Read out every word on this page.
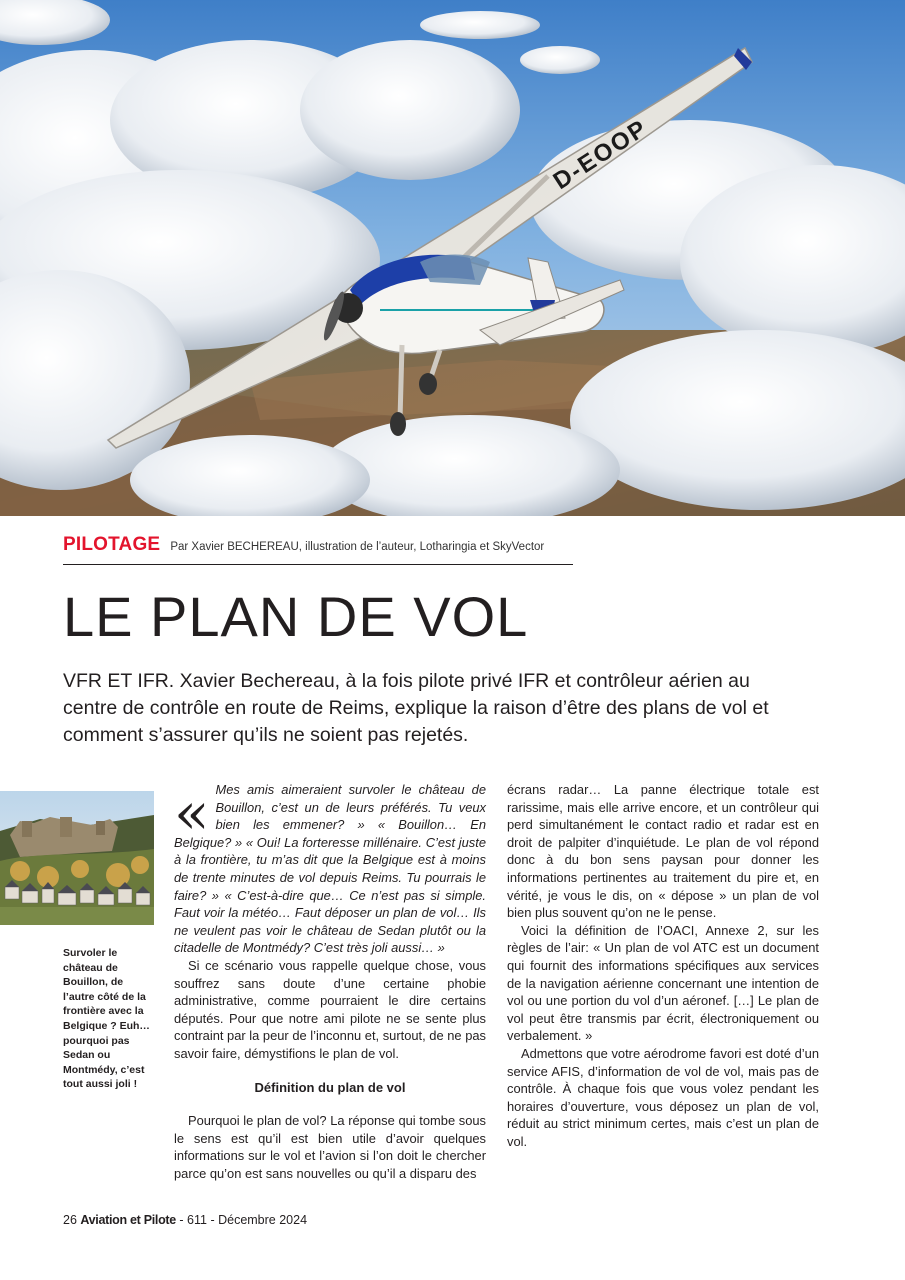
D-EOOP
PILOTAGE Par Xavier BECHEREAU, illustration de l’auteur, Lotharingia et SkyVector
LE PLAN DE VOL

VFR ET IFR. Xavier Bechereau, à la fois pilote privé IFR et contrôleur aérien au centre de contrôle en route de Reims, explique la raison d’être des plans de vol et comment s’assurer qu’ils ne soient pas rejetés.

Survoler le château de Bouillon, de l’autre côté de la frontière avec la Belgique ? Euh… pourquoi pas Sedan ou Montmédy, c’est tout aussi joli !

« Mes amis aimeraient survoler le château de Bouillon, c’est un de leurs préférés. Tu veux bien les emmener? » « Bouillon… En Belgique? » « Oui! La forteresse millénaire. C’est juste à la frontière, tu m’as dit que la Belgique est à moins de trente minutes de vol depuis Reims. Tu pourrais le faire? » « C’est-à-dire que… Ce n’est pas si simple. Faut voir la météo… Faut déposer un plan de vol… Ils ne veulent pas voir le château de Sedan plutôt ou la citadelle de Montmédy? C’est très joli aussi… »

Si ce scénario vous rappelle quelque chose, vous souffrez sans doute d’une certaine phobie administrative, comme pourraient le dire certains députés. Pour que notre ami pilote ne se sente plus contraint par la peur de l’inconnu et, surtout, de ne pas savoir faire, démystifions le plan de vol.

Définition du plan de vol

Pourquoi le plan de vol? La réponse qui tombe sous le sens est qu’il est bien utile d’avoir quelques informations sur le vol et l’avion si l’on doit le chercher parce qu’on est sans nouvelles ou qu’il a disparu des

écrans radar… La panne électrique totale est rarissime, mais elle arrive encore, et un contrôleur qui perd simultanément le contact radio et radar est en droit de palpiter d’inquiétude. Le plan de vol répond donc à du bon sens paysan pour donner les informations pertinentes au traitement du pire et, en vérité, je vous le dis, on « dépose » un plan de vol bien plus souvent qu’on ne le pense.

Voici la définition de l’OACI, Annexe 2, sur les règles de l’air: « Un plan de vol ATC est un document qui fournit des informations spécifiques aux services de la navigation aérienne concernant une intention de vol ou une portion du vol d’un aéronef. […] Le plan de vol peut être transmis par écrit, électroniquement ou verbalement. »

Admettons que votre aérodrome favori est doté d’un service AFIS, d’information de vol de vol, mais pas de contrôle. À chaque fois que vous volez pendant les horaires d’ouverture, vous déposez un plan de vol, réduit au strict minimum certes, mais c’est un plan de vol.

26 Aviation et Pilote - 611 - Décembre 2024
